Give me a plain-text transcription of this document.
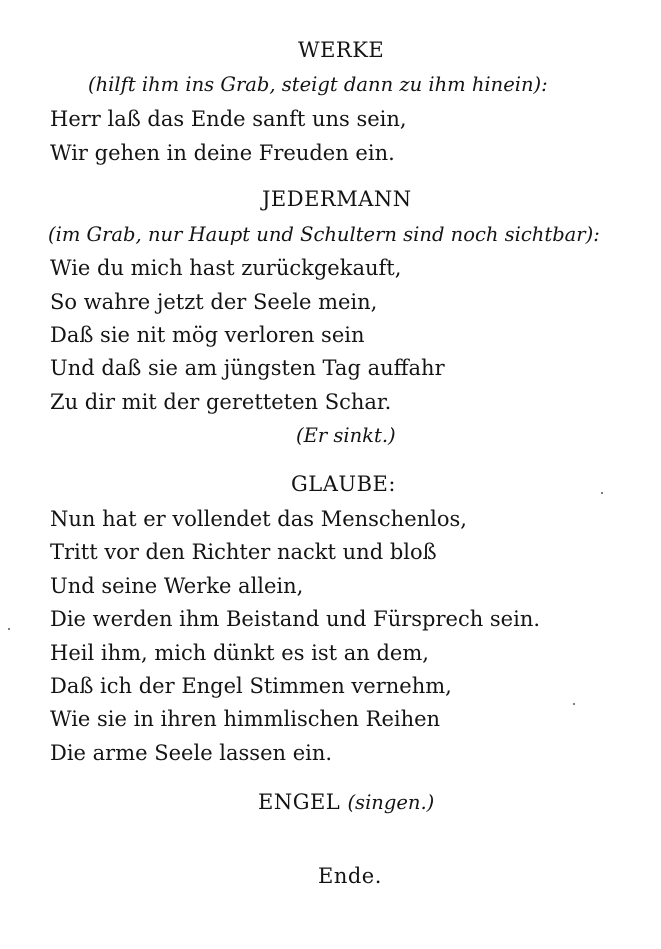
WERKE
(hilft ihm ins Grab, steigt dann zu ihm hinein):
Herr laß das Ende sanft uns sein,
Wir gehen in deine Freuden ein.
JEDERMANN
(im Grab, nur Haupt und Schultern sind noch sichtbar):
Wie du mich hast zurückgekauft,
So wahre jetzt der Seele mein,
Daß sie nit mög verloren sein
Und daß sie am jüngsten Tag auffahr
Zu dir mit der geretteten Schar.
(Er sinkt.)
GLAUBE:
Nun hat er vollendet das Menschenlos,
Tritt vor den Richter nackt und bloß
Und seine Werke allein,
Die werden ihm Beistand und Fürsprech sein.
Heil ihm, mich dünkt es ist an dem,
Daß ich der Engel Stimmen vernehm,
Wie sie in ihren himmlischen Reihen
Die arme Seele lassen ein.
ENGEL (singen.)
Ende.
